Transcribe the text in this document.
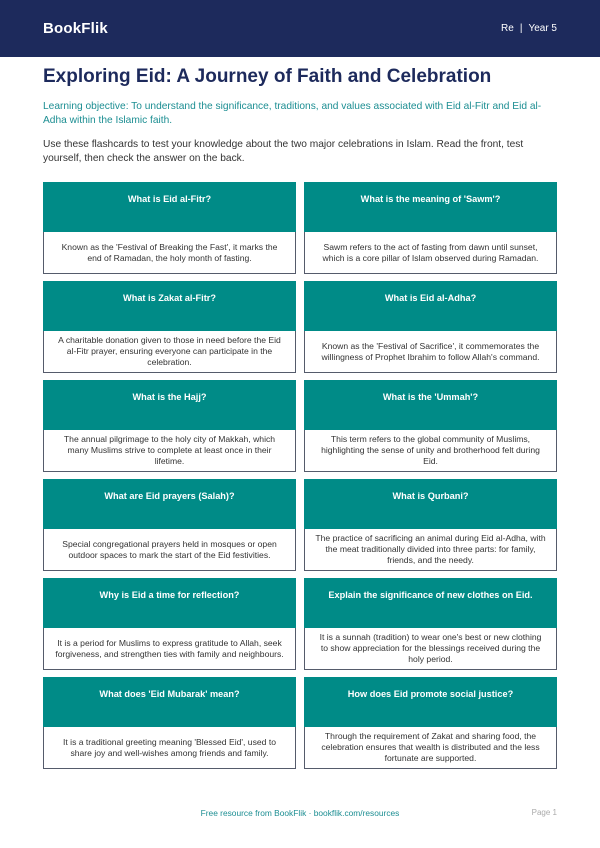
BookFlik	Re | Year 5
Exploring Eid: A Journey of Faith and Celebration
Learning objective: To understand the significance, traditions, and values associated with Eid al-Fitr and Eid al-Adha within the Islamic faith.
Use these flashcards to test your knowledge about the two major celebrations in Islam. Read the front, test yourself, then check the answer on the back.
What is Eid al-Fitr?
Known as the 'Festival of Breaking the Fast', it marks the end of Ramadan, the holy month of fasting.
What is the meaning of 'Sawm'?
Sawm refers to the act of fasting from dawn until sunset, which is a core pillar of Islam observed during Ramadan.
What is Zakat al-Fitr?
A charitable donation given to those in need before the Eid al-Fitr prayer, ensuring everyone can participate in the celebration.
What is Eid al-Adha?
Known as the 'Festival of Sacrifice', it commemorates the willingness of Prophet Ibrahim to follow Allah's command.
What is the Hajj?
The annual pilgrimage to the holy city of Makkah, which many Muslims strive to complete at least once in their lifetime.
What is the 'Ummah'?
This term refers to the global community of Muslims, highlighting the sense of unity and brotherhood felt during Eid.
What are Eid prayers (Salah)?
Special congregational prayers held in mosques or open outdoor spaces to mark the start of the Eid festivities.
What is Qurbani?
The practice of sacrificing an animal during Eid al-Adha, with the meat traditionally divided into three parts: for family, friends, and the needy.
Why is Eid a time for reflection?
It is a period for Muslims to express gratitude to Allah, seek forgiveness, and strengthen ties with family and neighbours.
Explain the significance of new clothes on Eid.
It is a sunnah (tradition) to wear one's best or new clothing to show appreciation for the blessings received during the holy period.
What does 'Eid Mubarak' mean?
It is a traditional greeting meaning 'Blessed Eid', used to share joy and well-wishes among friends and family.
How does Eid promote social justice?
Through the requirement of Zakat and sharing food, the celebration ensures that wealth is distributed and the less fortunate are supported.
Free resource from BookFlik · bookflik.com/resources	Page 1
